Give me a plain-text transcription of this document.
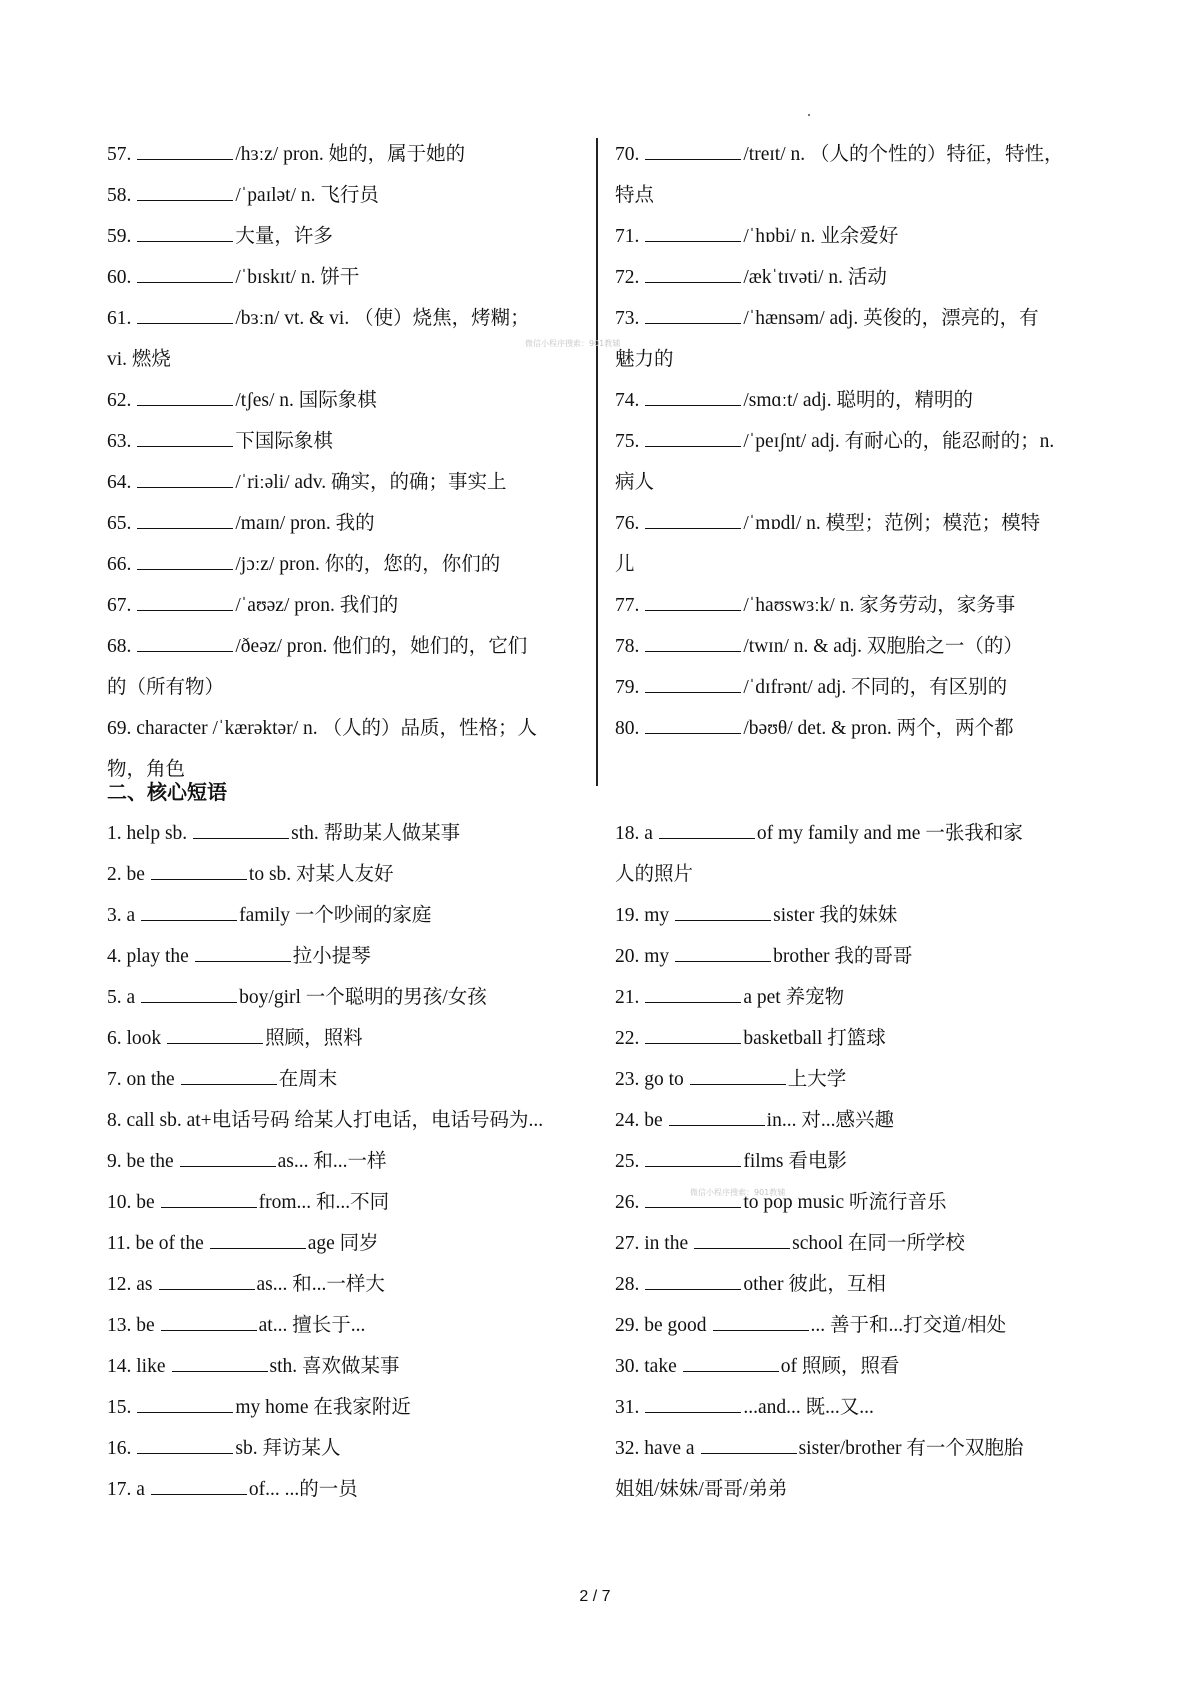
57.	/hɜːz/ pron. 她的，属于她的
58.	/ˈpaɪlət/ n. 飞行员
59.	大量，许多
60.	/ˈbɪskɪt/ n. 饼干
61.	/bɜːn/ vt. & vi. （使）烧焦，烤糊；
vi. 燃烧
62.	/tʃes/ n. 国际象棋
63.	下国际象棋
64.	/ˈriːəli/ adv. 确实，的确；事实上
65.	/maɪn/ pron. 我的
66.	/jɔːz/ pron. 你的，您的，你们的
67.	/ˈaʊəz/ pron. 我们的
68.	/ðeəz/ pron. 他们的，她们的，它们
的（所有物）
69. character /ˈkærəktər/ n. （人的）品质，性格；人
物，角色
70.	/treɪt/ n. （人的个性的）特征，特性，
特点
71.	/ˈhɒbi/ n. 业余爱好
72.	/ækˈtɪvəti/ n. 活动
73.	/ˈhænsəm/ adj. 英俊的，漂亮的，有
魅力的
74.	/smɑːt/ adj. 聪明的，精明的
75.	/ˈpeɪʃnt/ adj. 有耐心的，能忍耐的；n.
病人
76.	/ˈmɒdl/ n. 模型；范例；模范；模特
儿
77.	/ˈhaʊswɜːk/ n. 家务劳动，家务事
78.	/twɪn/ n. & adj. 双胞胎之一（的）
79.	/ˈdɪfrənt/ adj. 不同的，有区别的
80.	/bəʊθ/ det. & pron. 两个，两个都
二、核心短语
1. help sb.	sth. 帮助某人做某事
2. be	to sb. 对某人友好
3. a	family 一个吵闹的家庭
4. play the	拉小提琴
5. a	boy/girl 一个聪明的男孩/女孩
6. look	照顾，照料
7. on the	在周末
8. call sb. at+电话号码 给某人打电话，电话号码为...
9. be the	as... 和...一样
10. be	from... 和...不同
11. be of the	age 同岁
12. as	as... 和...一样大
13. be	at... 擅长于...
14. like	sth. 喜欢做某事
15.	my home 在我家附近
16.	sb. 拜访某人
17. a	of... ...的一员
18. a	of my family and me 一张我和家
人的照片
19. my	sister 我的妹妹
20. my	brother 我的哥哥
21.	a pet 养宠物
22.	basketball 打篮球
23. go to	上大学
24. be	in... 对...感兴趣
25.	films 看电影
26.	to pop music 听流行音乐
27. in the	school 在同一所学校
28.	other 彼此，互相
29. be good	... 善于和...打交道/相处
30. take	of 照顾，照看
31.	...and... 既...又...
32. have a	sister/brother 有一个双胞胎
姐姐/妹妹/哥哥/弟弟
微信小程序搜索：901教辅
微信小程序搜索：901教辅
2 / 7
